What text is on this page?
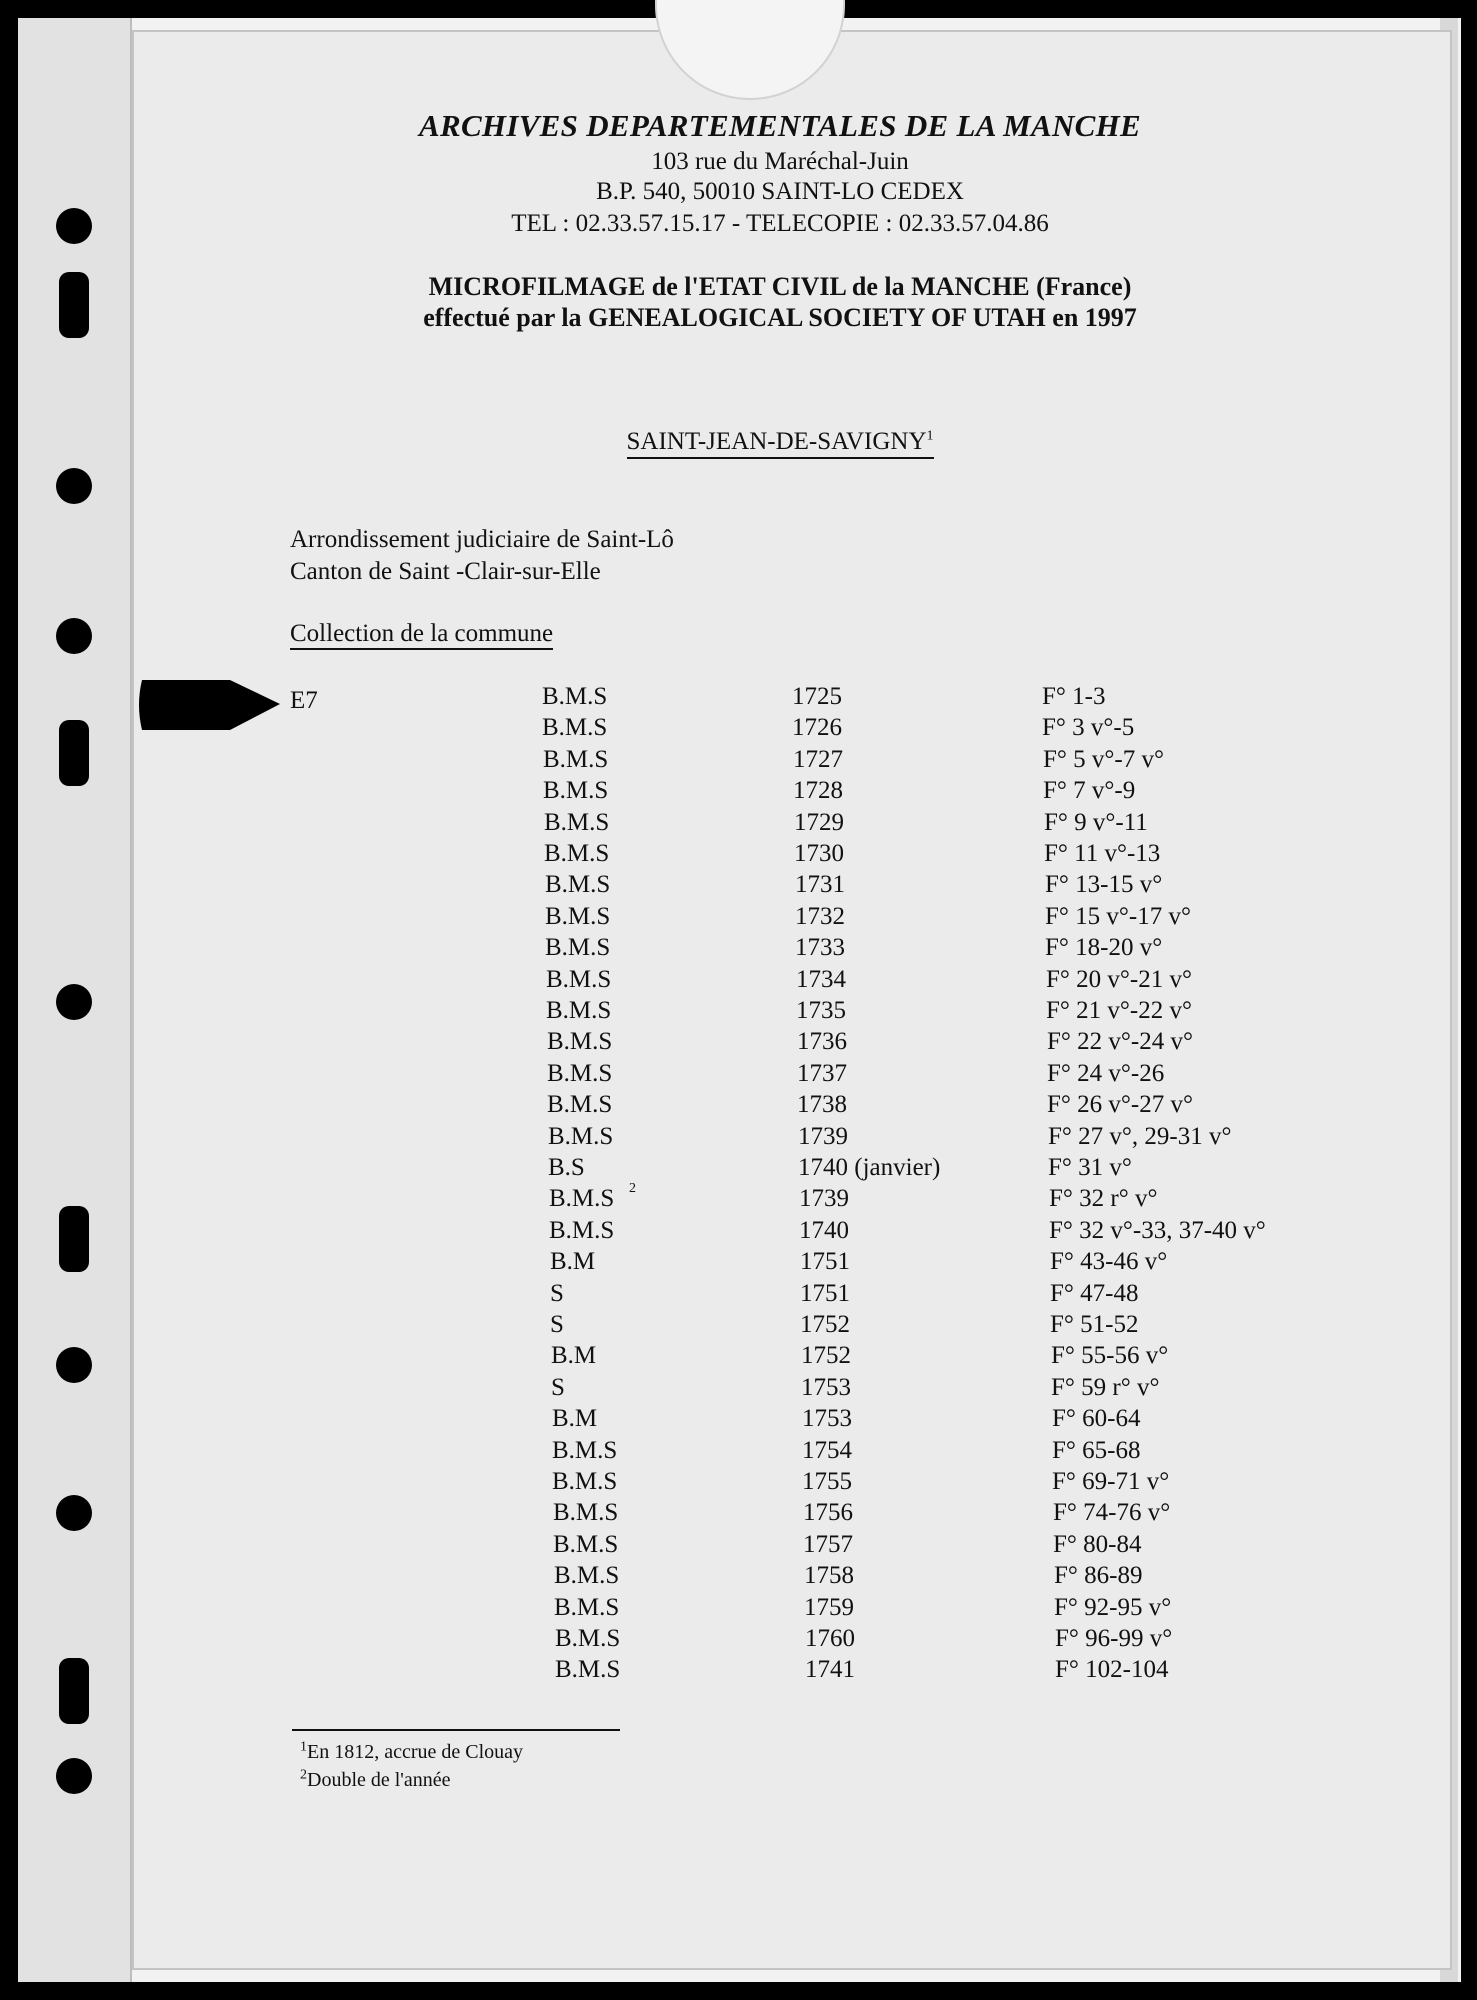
ARCHIVES DEPARTEMENTALES DE LA MANCHE
103 rue du Maréchal-Juin
B.P. 540, 50010 SAINT-LO CEDEX
TEL : 02.33.57.15.17 - TELECOPIE : 02.33.57.04.86
MICROFILMAGE de l'ETAT CIVIL de la MANCHE (France)
effectué par la GENEALOGICAL SOCIETY OF UTAH en 1997
SAINT-JEAN-DE-SAVIGNY$^1$
Arrondissement judiciaire de Saint-Lô
Canton de Saint -Clair-sur-Elle
Collection de la commune
E7	B.M.S	1725	F° 1-3
B.M.S	1726	F° 3 v°-5
B.M.S	1727	F° 5 v°-7 v°
B.M.S	1728	F° 7 v°-9
B.M.S	1729	F° 9 v°-11
B.M.S	1730	F° 11 v°-13
B.M.S	1731	F° 13-15 v°
B.M.S	1732	F° 15 v°-17 v°
B.M.S	1733	F° 18-20 v°
B.M.S	1734	F° 20 v°-21 v°
B.M.S	1735	F° 21 v°-22 v°
B.M.S	1736	F° 22 v°-24 v°
B.M.S	1737	F° 24 v°-26
B.M.S	1738	F° 26 v°-27 v°
B.M.S	1739	F° 27 v°, 29-31 v°
B.S	1740 (janvier)	F° 31 v°
B.M.S 2	1739	F° 32 r° v°
B.M.S	1740	F° 32 v°-33, 37-40 v°
B.M	1751	F° 43-46 v°
S	1751	F° 47-48
S	1752	F° 51-52
B.M	1752	F° 55-56 v°
S	1753	F° 59 r° v°
B.M	1753	F° 60-64
B.M.S	1754	F° 65-68
B.M.S	1755	F° 69-71 v°
B.M.S	1756	F° 74-76 v°
B.M.S	1757	F° 80-84
B.M.S	1758	F° 86-89
B.M.S	1759	F° 92-95 v°
B.M.S	1760	F° 96-99 v°
B.M.S	1741	F° 102-104
$^1$En 1812, accrue de Clouay
$^2$Double de l'année
